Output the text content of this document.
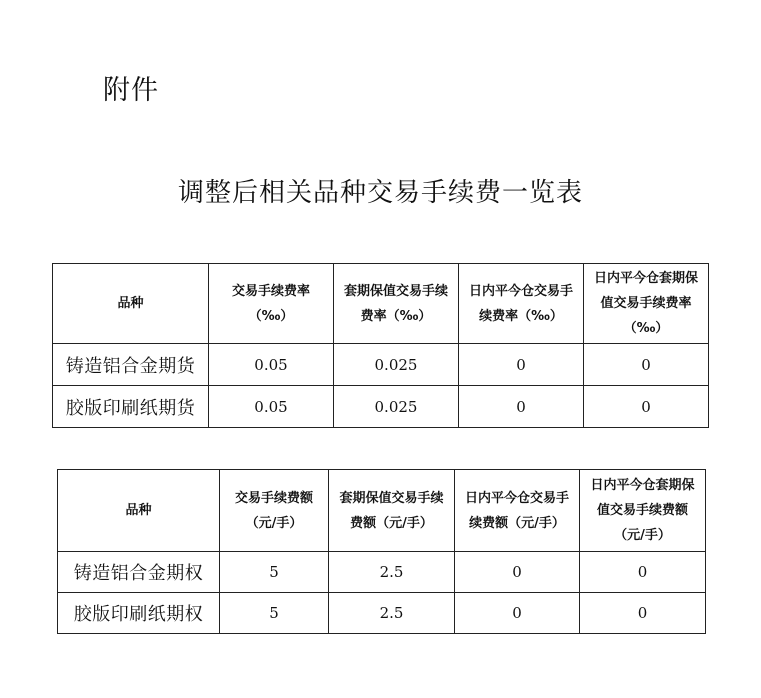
附件
调整后相关品种交易手续费一览表
品种	交易手续费率（‰）	套期保值交易手续费率（‰）	日内平今仓交易手续费率（‰）	日内平今仓套期保值交易手续费率（‰）
铸造铝合金期货	0.05	0.025	0	0
胶版印刷纸期货	0.05	0.025	0	0
品种	交易手续费额（元/手）	套期保值交易手续费额（元/手）	日内平今仓交易手续费额（元/手）	日内平今仓套期保值交易手续费额（元/手）
铸造铝合金期权	5	2.5	0	0
胶版印刷纸期权	5	2.5	0	0
